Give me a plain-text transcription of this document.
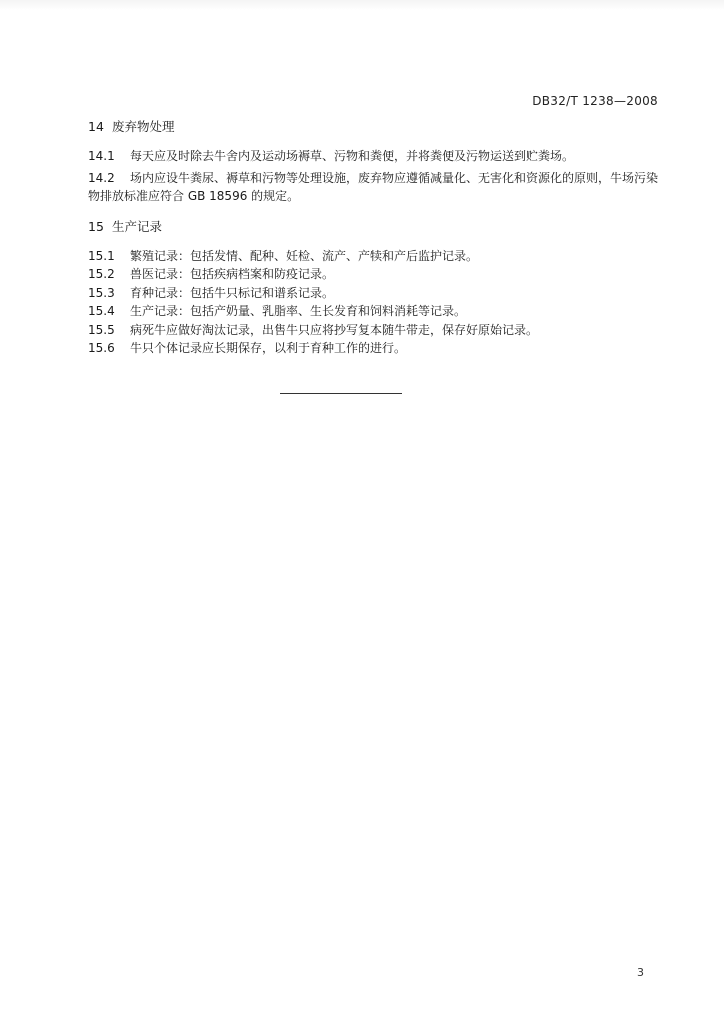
DB32/T 1238—2008
14 废弃物处理
14.1 每天应及时除去牛舍内及运动场褥草、污物和粪便，并将粪便及污物运送到贮粪场。
14.2 场内应设牛粪尿、褥草和污物等处理设施，废弃物应遵循减量化、无害化和资源化的原则，牛场污染物排放标准应符合 GB 18596 的规定。
15 生产记录
15.1 繁殖记录：包括发情、配种、妊检、流产、产犊和产后监护记录。
15.2 兽医记录：包括疾病档案和防疫记录。
15.3 育种记录：包括牛只标记和谱系记录。
15.4 生产记录：包括产奶量、乳脂率、生长发育和饲料消耗等记录。
15.5 病死牛应做好淘汰记录，出售牛只应将抄写复本随牛带走，保存好原始记录。
15.6 牛只个体记录应长期保存，以利于育种工作的进行。
3
